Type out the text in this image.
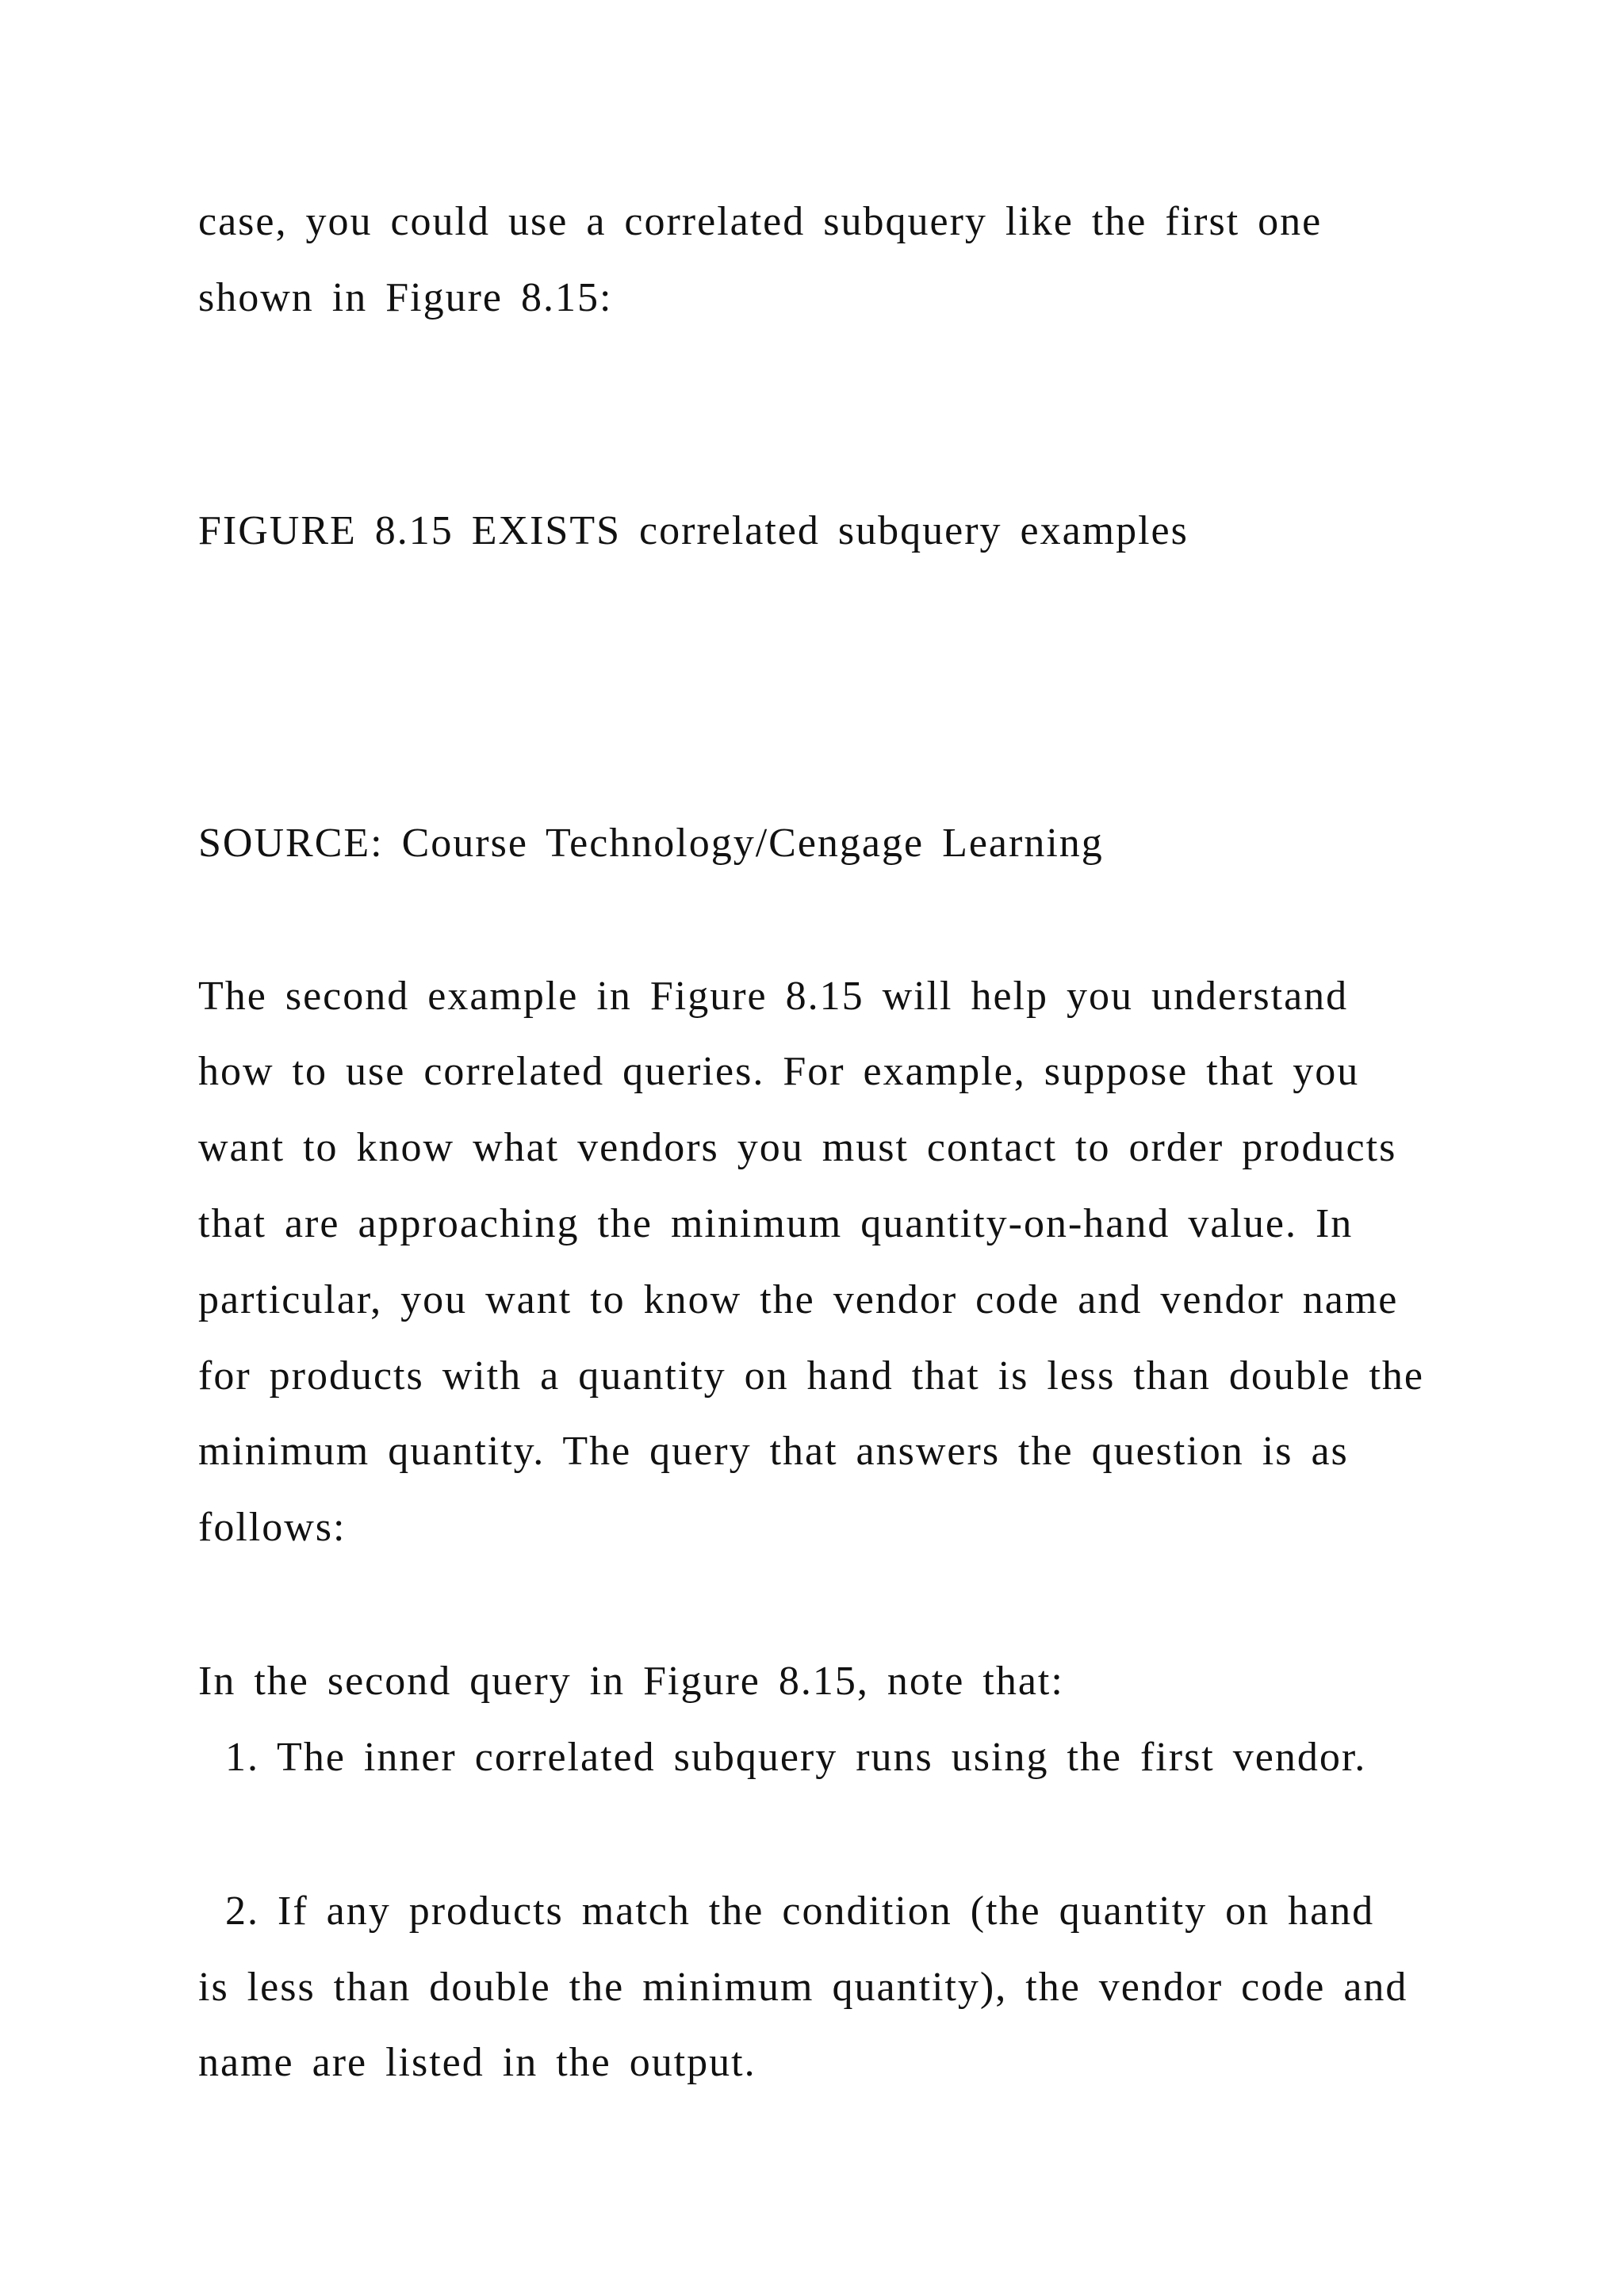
case, you could use a correlated subquery like the first one
shown in Figure 8.15:
FIGURE 8.15 EXISTS correlated subquery examples
SOURCE: Course Technology/Cengage Learning
The second example in Figure 8.15 will help you understand
how to use correlated queries. For example, suppose that you
want to know what vendors you must contact to order products
that are approaching the minimum quantity-on-hand value. In
particular, you want to know the vendor code and vendor name
for products with a quantity on hand that is less than double the
minimum quantity. The query that answers the question is as
follows:
In the second query in Figure 8.15, note that:
1. The inner correlated subquery runs using the first vendor.
2. If any products match the condition (the quantity on hand
is less than double the minimum quantity), the vendor code and
name are listed in the output.
